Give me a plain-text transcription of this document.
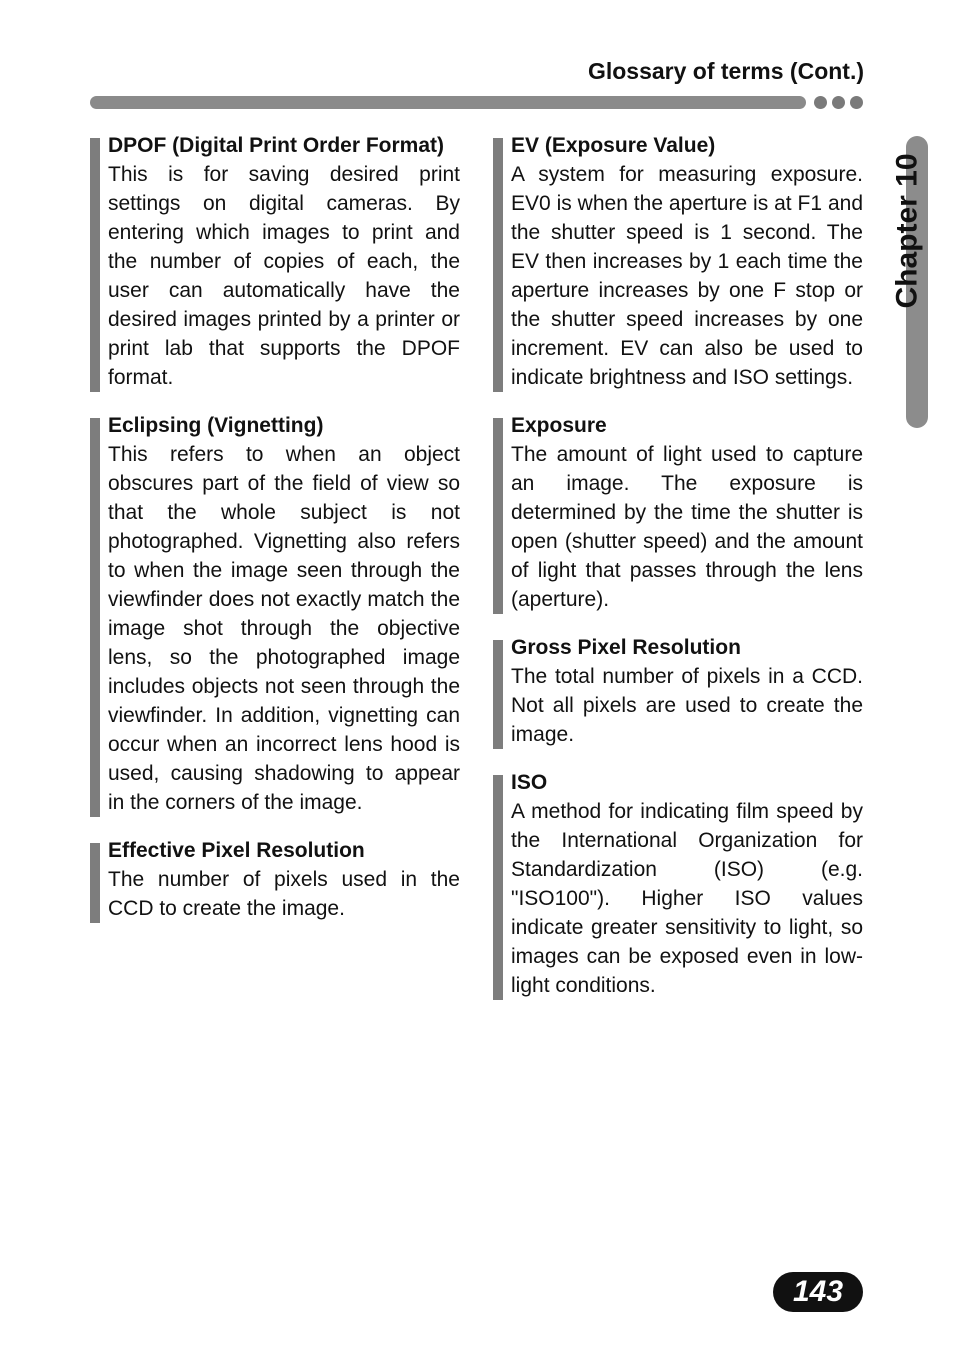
Glossary of terms (Cont.)
Chapter 10
DPOF (Digital Print Order Format)
This is for saving desired print settings on digital cameras. By entering which images to print and the number of copies of each, the user can automatically have the desired images printed by a printer or print lab that supports the DPOF format.
Eclipsing (Vignetting)
This refers to when an object obscures part of the field of view so that the whole subject is not photographed. Vignetting also refers to when the image seen through the viewfinder does not exactly match the image shot through the objective lens, so the photographed image includes objects not seen through the viewfinder. In addition, vignetting can occur when an incorrect lens hood is used, causing shadowing to appear in the corners of the image.
Effective Pixel Resolution
The number of pixels used in the CCD to create the image.
EV (Exposure Value)
A system for measuring exposure. EV0 is when the aperture is at F1 and the shutter speed is 1 second. The EV then increases by 1 each time the aperture increases by one F stop or the shutter speed increases by one increment. EV can also be used to indicate brightness and ISO settings.
Exposure
The amount of light used to capture an image. The exposure is determined by the time the shutter is open (shutter speed) and the amount of light that passes through the lens (aperture).
Gross Pixel Resolution
The total number of pixels in a CCD. Not all pixels are used to create the image.
ISO
A method for indicating film speed by the International Organization for Standardization (ISO) (e.g. "ISO100"). Higher ISO values indicate greater sensitivity to light, so images can be exposed even in low-light conditions.
143
